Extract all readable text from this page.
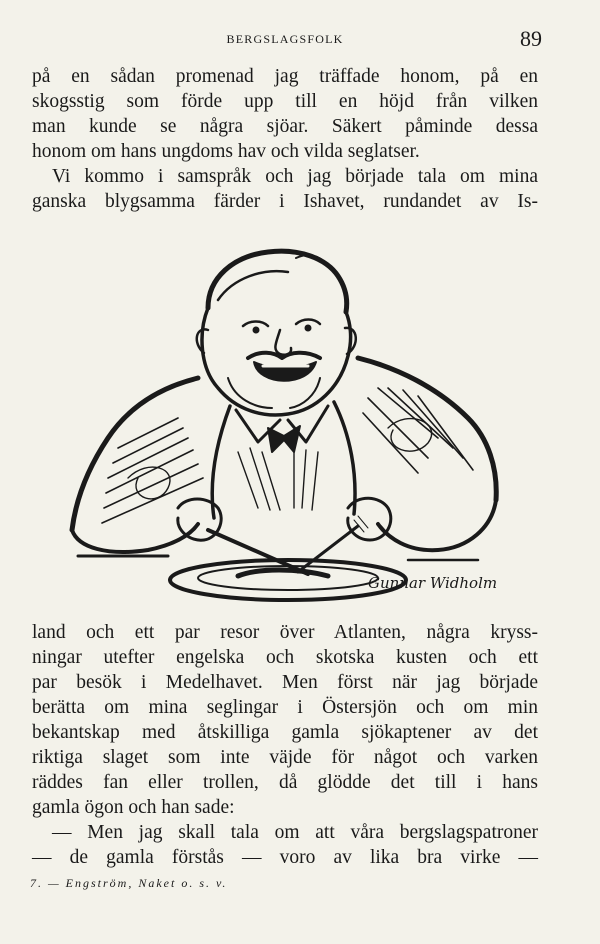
BERGSLAGSFOLK	89
på en sådan promenad jag träffade honom, på en
skogsstig som förde upp till en höjd från vilken
man kunde se några sjöar. Säkert påminde dessa
honom om hans ungdoms hav och vilda seglatser.
Vi kommo i samspråk och jag började tala om mina
ganska blygsamma färder i Ishavet, rundandet av Is-
Gunnar Widholm
land och ett par resor över Atlanten, några kryss-
ningar utefter engelska och skotska kusten och ett
par besök i Medelhavet. Men först när jag började
berätta om mina seglingar i Östersjön och om min
bekantskap med åtskilliga gamla sjökaptener av det
riktiga slaget som inte väjde för något och varken
räddes fan eller trollen, då glödde det till i hans
gamla ögon och han sade:
— Men jag skall tala om att våra bergslagspatroner
— de gamla förstås — voro av lika bra virke —
7. — Engström, Naket o. s. v.
